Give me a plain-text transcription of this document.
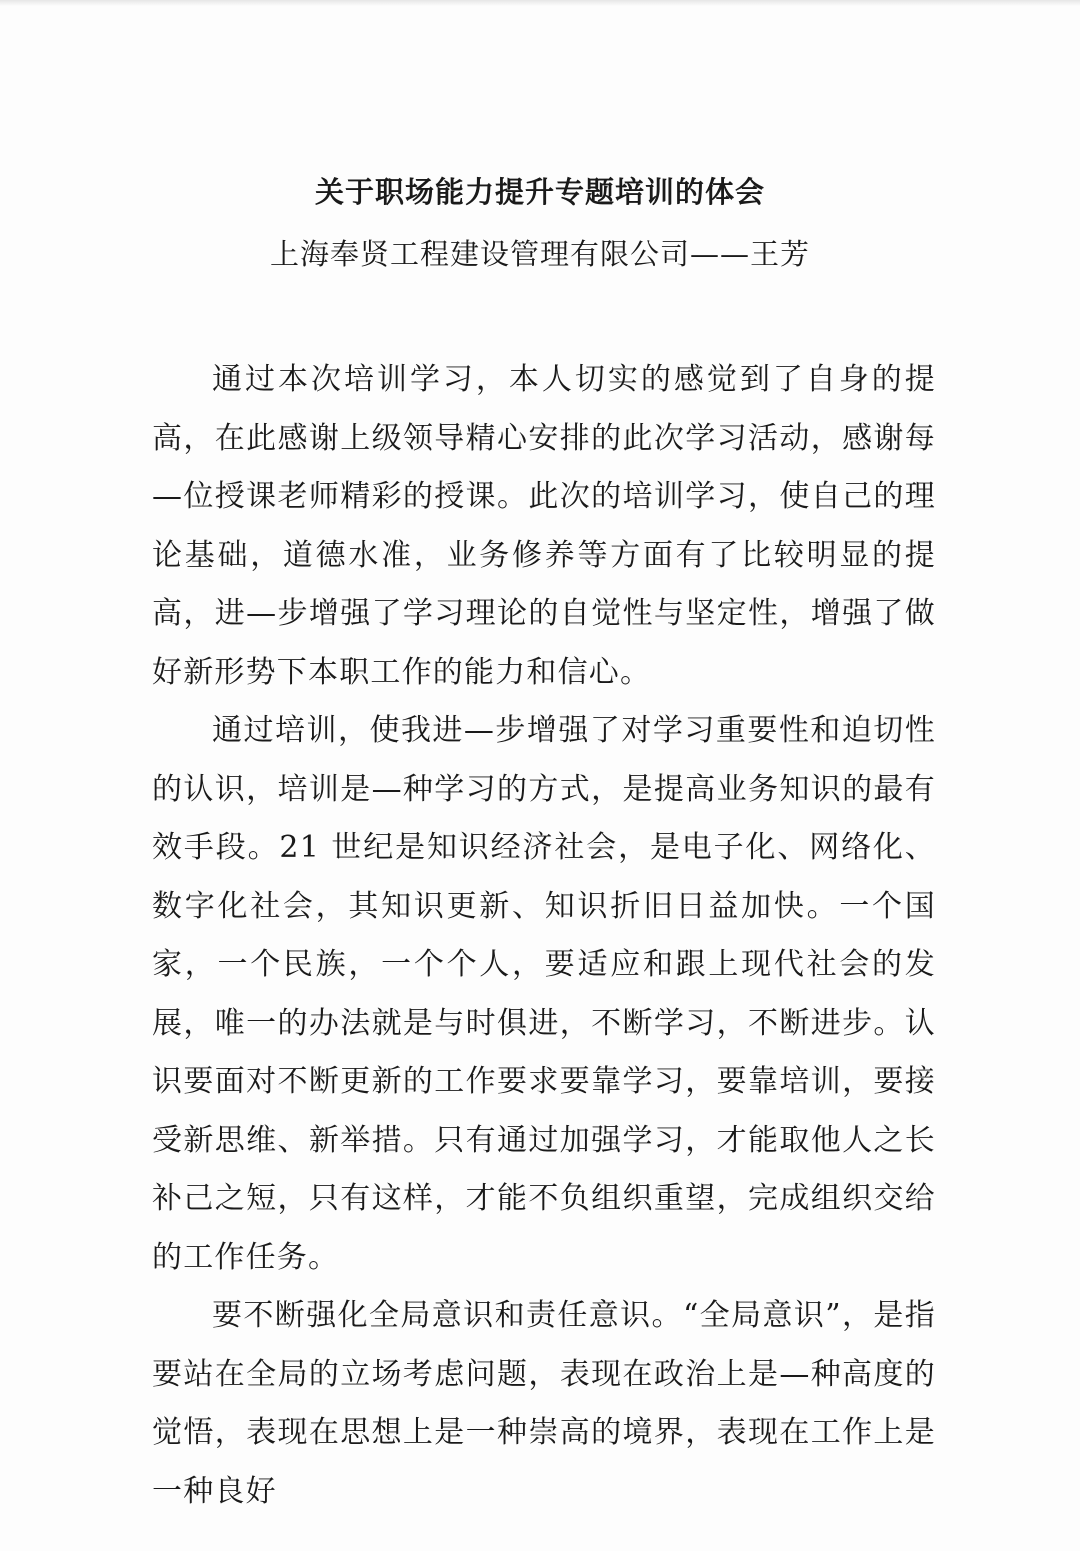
关于职场能力提升专题培训的体会
上海奉贤工程建设管理有限公司——王芳

通过本次培训学习，本人切实的感觉到了自身的提高，在此感谢上级领导精心安排的此次学习活动，感谢每—位授课老师精彩的授课。此次的培训学习，使自己的理论基础，道德水准，业务修养等方面有了比较明显的提高，进—步增强了学习理论的自觉性与坚定性，增强了做好新形势下本职工作的能力和信心。

通过培训，使我进—步增强了对学习重要性和迫切性的认识，培训是—种学习的方式，是提高业务知识的最有效手段。21 世纪是知识经济社会，是电子化、网络化、数字化社会，其知识更新、知识折旧日益加快。一个国家，一个民族，一个个人，要适应和跟上现代社会的发展，唯一的办法就是与时俱进，不断学习，不断进步。认识要面对不断更新的工作要求要靠学习，要靠培训，要接受新思维、新举措。只有通过加强学习，才能取他人之长补己之短，只有这样，才能不负组织重望，完成组织交给的工作任务。

要不断强化全局意识和责任意识。“全局意识”，是指要站在全局的立场考虑问题，表现在政治上是—种高度的觉悟，表现在思想上是一种崇高的境界，表现在工作上是一种良好
